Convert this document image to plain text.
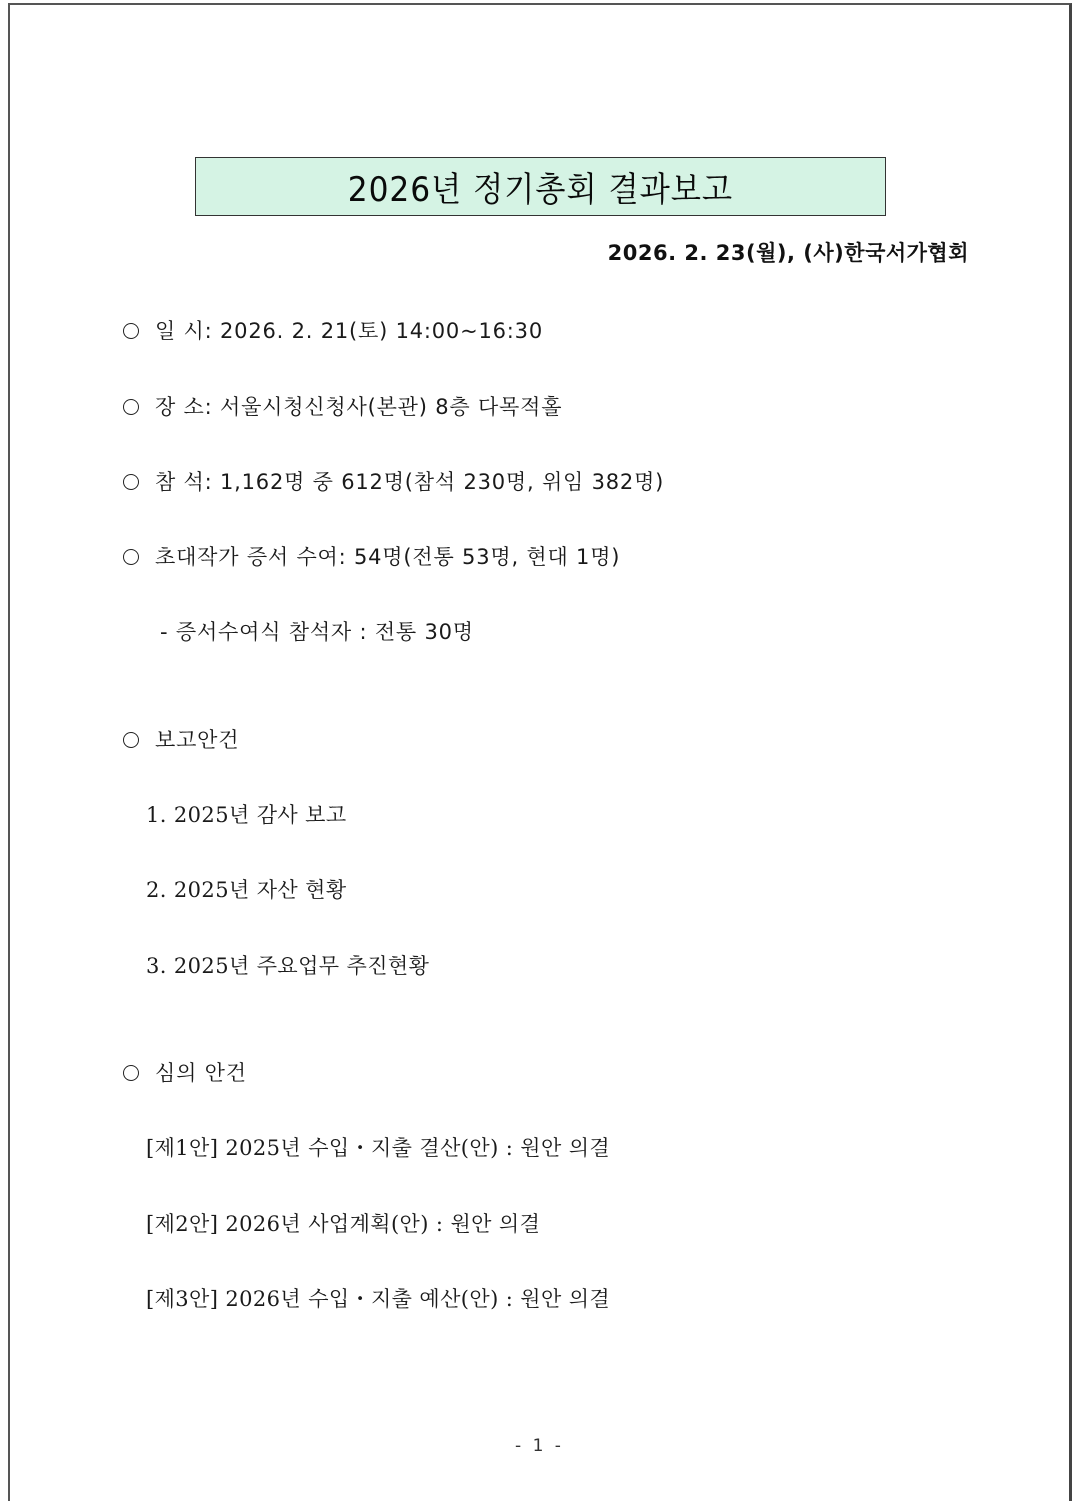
2026년 정기총회 결과보고
2026. 2. 23(월), (사)한국서가협회
일 시: 2026. 2. 21(토) 14:00~16:30
장 소: 서울시청신청사(본관) 8층 다목적홀
참 석: 1,162명 중 612명(참석 230명, 위임 382명)
초대작가 증서 수여: 54명(전통 53명, 현대 1명)
- 증서수여식 참석자 : 전통 30명
보고안건
1. 2025년 감사 보고
2. 2025년 자산 현황
3. 2025년 주요업무 추진현황
심의 안건
[제1안] 2025년 수입・지출 결산(안) : 원안 의결
[제2안] 2026년 사업계획(안) : 원안 의결
[제3안] 2026년 수입・지출 예산(안) : 원안 의결
- 1 -
